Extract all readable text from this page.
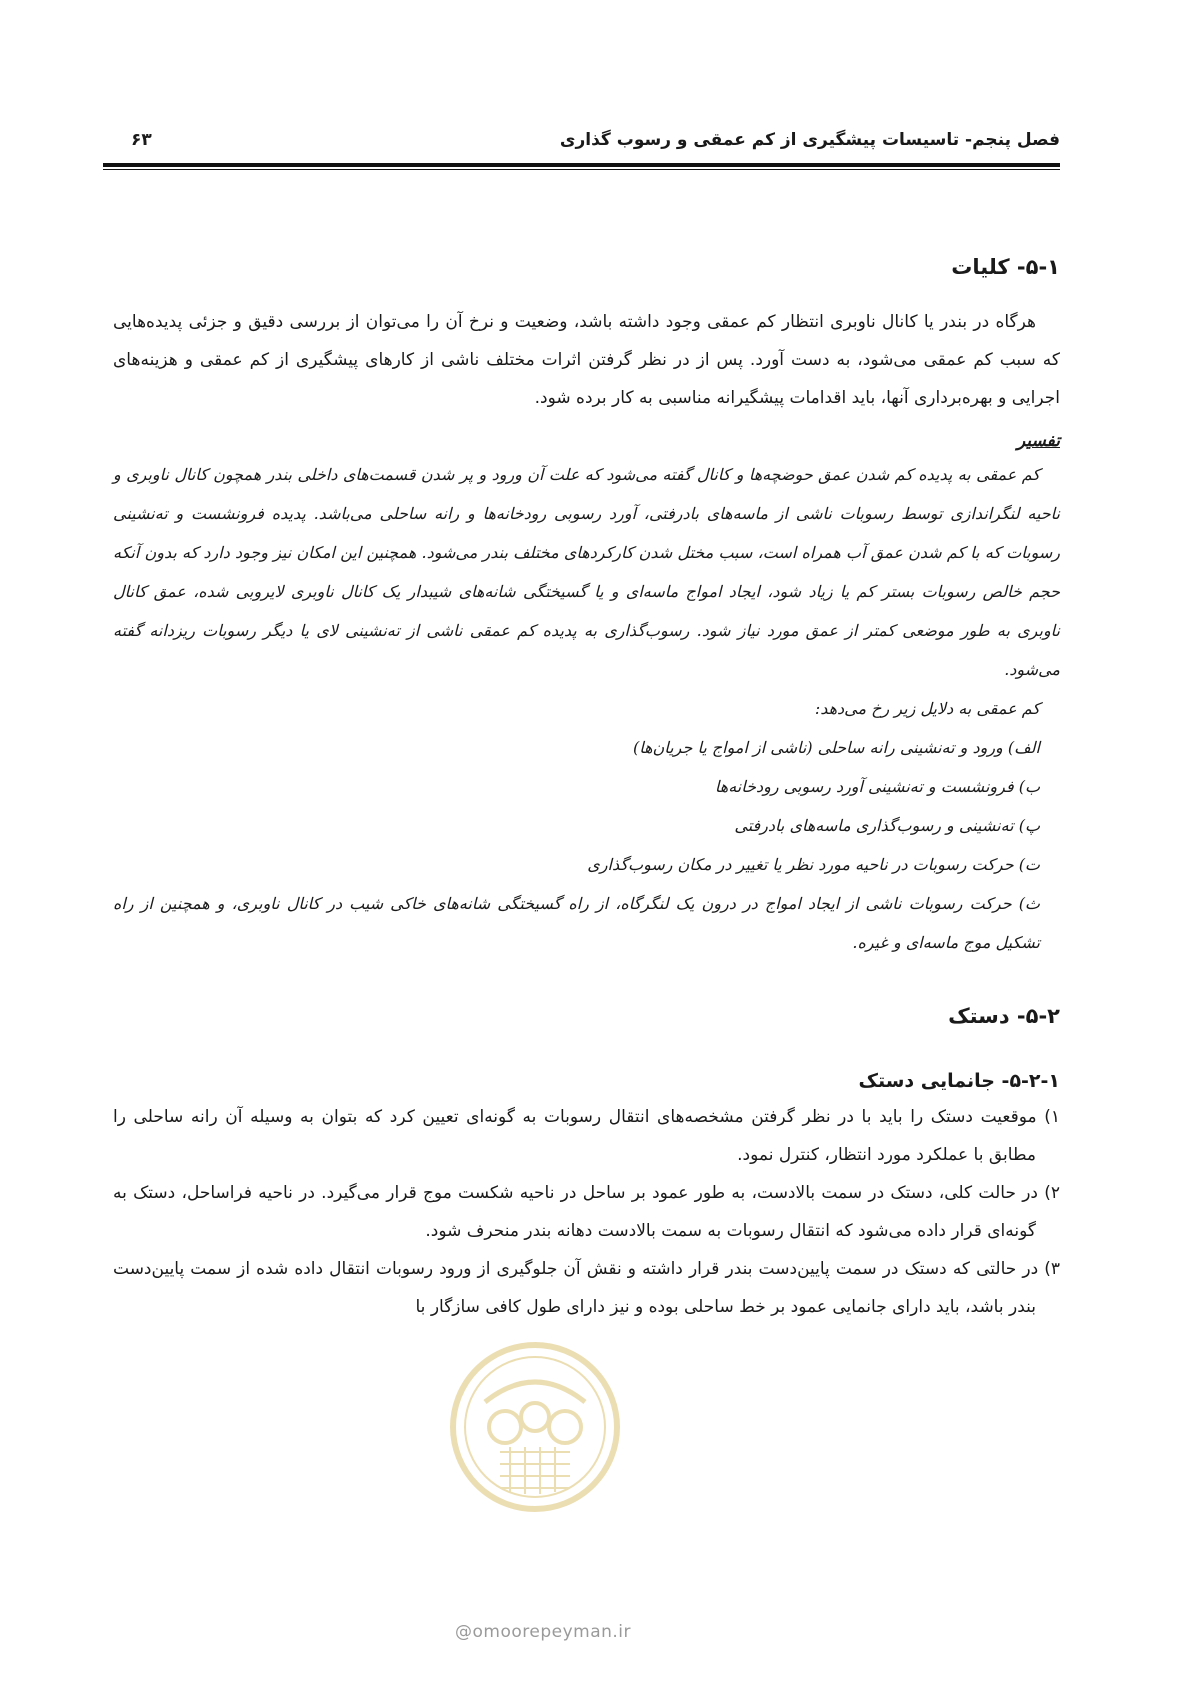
فصل پنجم- تاسیسات پیشگیری از کم عمقی و رسوب گذاری
۶۳
۵-۱- کلیات

هرگاه در بندر یا کانال ناوبری انتظار کم عمقی وجود داشته باشد، وضعیت و نرخ آن را می‌توان از بررسی دقیق و جزئی پدیده‌هایی که سبب کم عمقی می‌شود، به دست آورد. پس از در نظر گرفتن اثرات مختلف ناشی از کارهای پیشگیری از کم عمقی و هزینه‌های اجرایی و بهره‌برداری آنها، باید اقدامات پیشگیرانه مناسبی به کار برده شود.

تفسیر

کم عمقی به پدیده کم شدن عمق حوضچه‌ها و کانال گفته می‌شود که علت آن ورود و پر شدن قسمت‌های داخلی بندر همچون کانال ناوبری و ناحیه لنگراندازی توسط رسوبات ناشی از ماسه‌های بادرفتی، آورد رسوبی رودخانه‌ها و رانه ساحلی می‌باشد. پدیده فرونشست و ته‌نشینی رسوبات که با کم شدن عمق آب همراه است، سبب مختل شدن کارکردهای مختلف بندر می‌شود. همچنین این امکان نیز وجود دارد که بدون آنکه حجم خالص رسوبات بستر کم یا زیاد شود، ایجاد امواج ماسه‌ای و یا گسیختگی شانه‌های شیبدار یک کانال ناوبری لایروبی شده، عمق کانال ناوبری به طور موضعی کمتر از عمق مورد نیاز شود. رسوب‌گذاری به پدیده کم عمقی ناشی از ته‌نشینی لای یا دیگر رسوبات ریزدانه گفته می‌شود.

کم عمقی به دلایل زیر رخ می‌دهد:

الف) ورود و ته‌نشینی رانه ساحلی (ناشی از امواج یا جریان‌ها)

ب) فرونشست و ته‌نشینی آورد رسوبی رودخانه‌ها

پ) ته‌نشینی و رسوب‌گذاری ماسه‌های بادرفتی

ت) حرکت رسوبات در ناحیه مورد نظر یا تغییر در مکان رسوب‌گذاری

ث) حرکت رسوبات ناشی از ایجاد امواج در درون یک لنگرگاه، از راه گسیختگی شانه‌های خاکی شیب در کانال ناوبری، و همچنین از راه تشکیل موج ماسه‌ای و غیره.

۵-۲- دستک
۵-۲-۱- جانمایی دستک

۱) موقعیت دستک را باید با در نظر گرفتن مشخصه‌های انتقال رسوبات به گونه‌ای تعیین کرد که بتوان به وسیله آن رانه ساحلی را مطابق با عملکرد مورد انتظار، کنترل نمود.

۲) در حالت کلی، دستک در سمت بالادست، به طور عمود بر ساحل در ناحیه شکست موج قرار می‌گیرد. در ناحیه فراساحل، دستک به گونه‌ای قرار داده می‌شود که انتقال رسوبات به سمت بالادست دهانه بندر منحرف شود.

۳) در حالتی که دستک در سمت پایین‌دست بندر قرار داشته و نقش آن جلوگیری از ورود رسوبات انتقال داده شده از سمت پایین‌دست بندر باشد، باید دارای جانمایی عمود بر خط ساحلی بوده و نیز دارای طول کافی سازگار با

@omoorepeyman.ir
